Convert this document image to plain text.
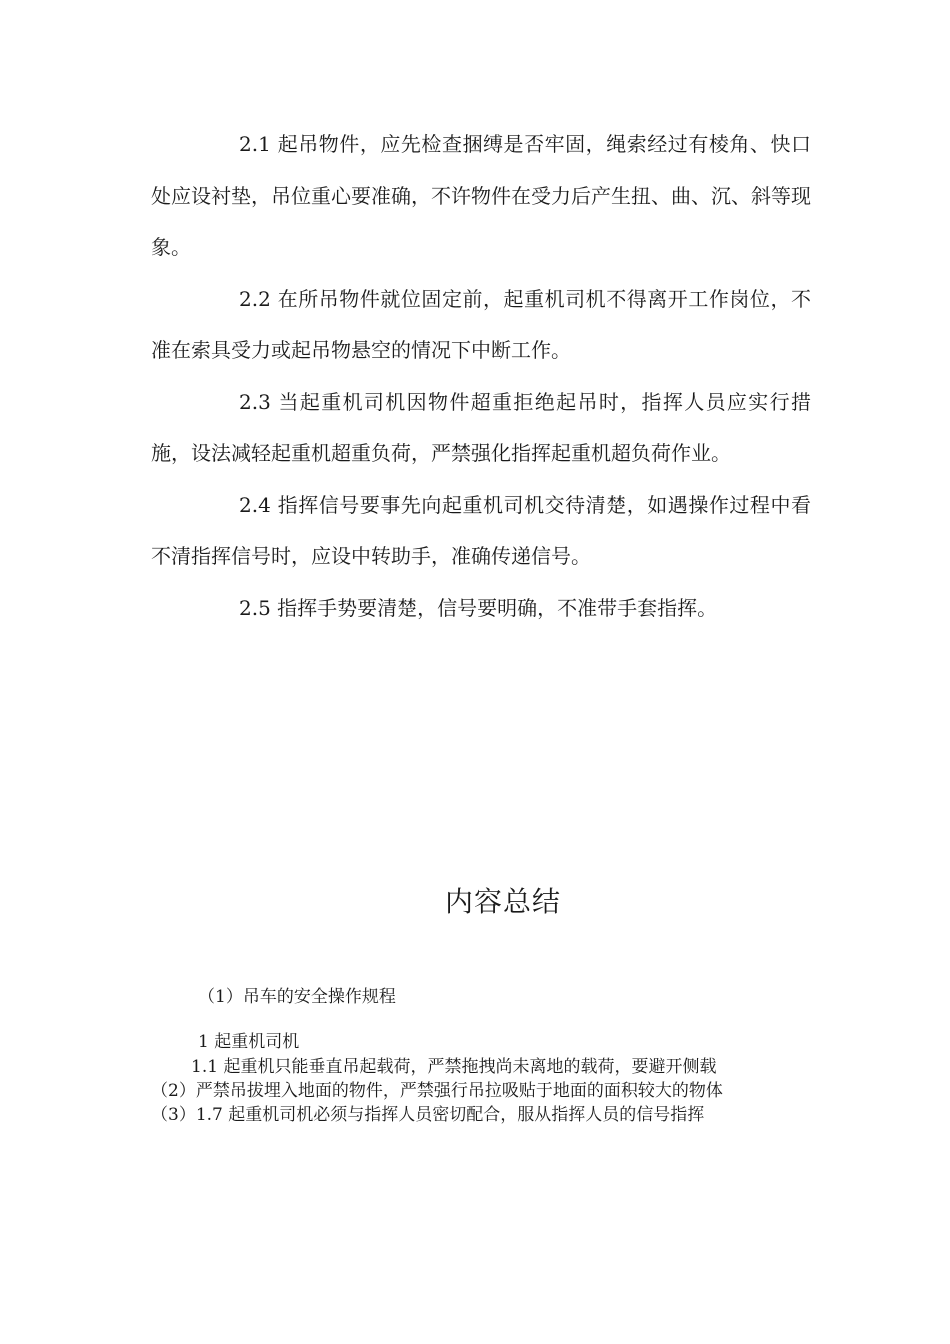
2.1 起吊物件，应先检查捆缚是否牢固，绳索经过有棱角、快口处应设衬垫，吊位重心要准确，不许物件在受力后产生扭、曲、沉、斜等现象。

2.2 在所吊物件就位固定前，起重机司机不得离开工作岗位，不准在索具受力或起吊物悬空的情况下中断工作。

2.3 当起重机司机因物件超重拒绝起吊时，指挥人员应实行措施，设法减轻起重机超重负荷，严禁强化指挥起重机超负荷作业。

2.4 指挥信号要事先向起重机司机交待清楚，如遇操作过程中看不清指挥信号时，应设中转助手，准确传递信号。

2.5 指挥手势要清楚，信号要明确，不准带手套指挥。

内容总结
（1）吊车的安全操作规程
1 起重机司机

1.1 起重机只能垂直吊起载荷，严禁拖拽尚未离地的载荷，要避开侧载

（2）严禁吊拔埋入地面的物件，严禁强行吊拉吸贴于地面的面积较大的物体

（3）1.7 起重机司机必须与指挥人员密切配合，服从指挥人员的信号指挥
